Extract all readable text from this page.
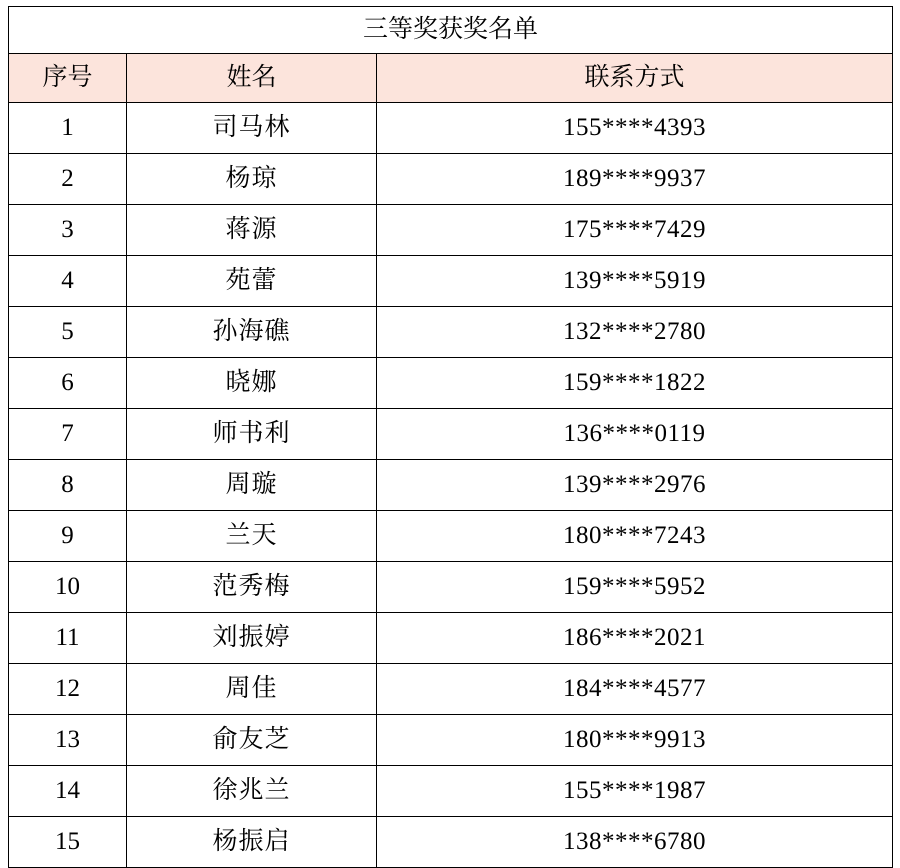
三等奖获奖名单		
序号	姓名	联系方式
1	司马林	155****4393
2	杨琼	189****9937
3	蒋源	175****7429
4	苑蕾	139****5919
5	孙海礁	132****2780
6	晓娜	159****1822
7	师书利	136****0119
8	周璇	139****2976
9	兰天	180****7243
10	范秀梅	159****5952
11	刘振婷	186****2021
12	周佳	184****4577
13	俞友芝	180****9913
14	徐兆兰	155****1987
15	杨振启	138****6780
